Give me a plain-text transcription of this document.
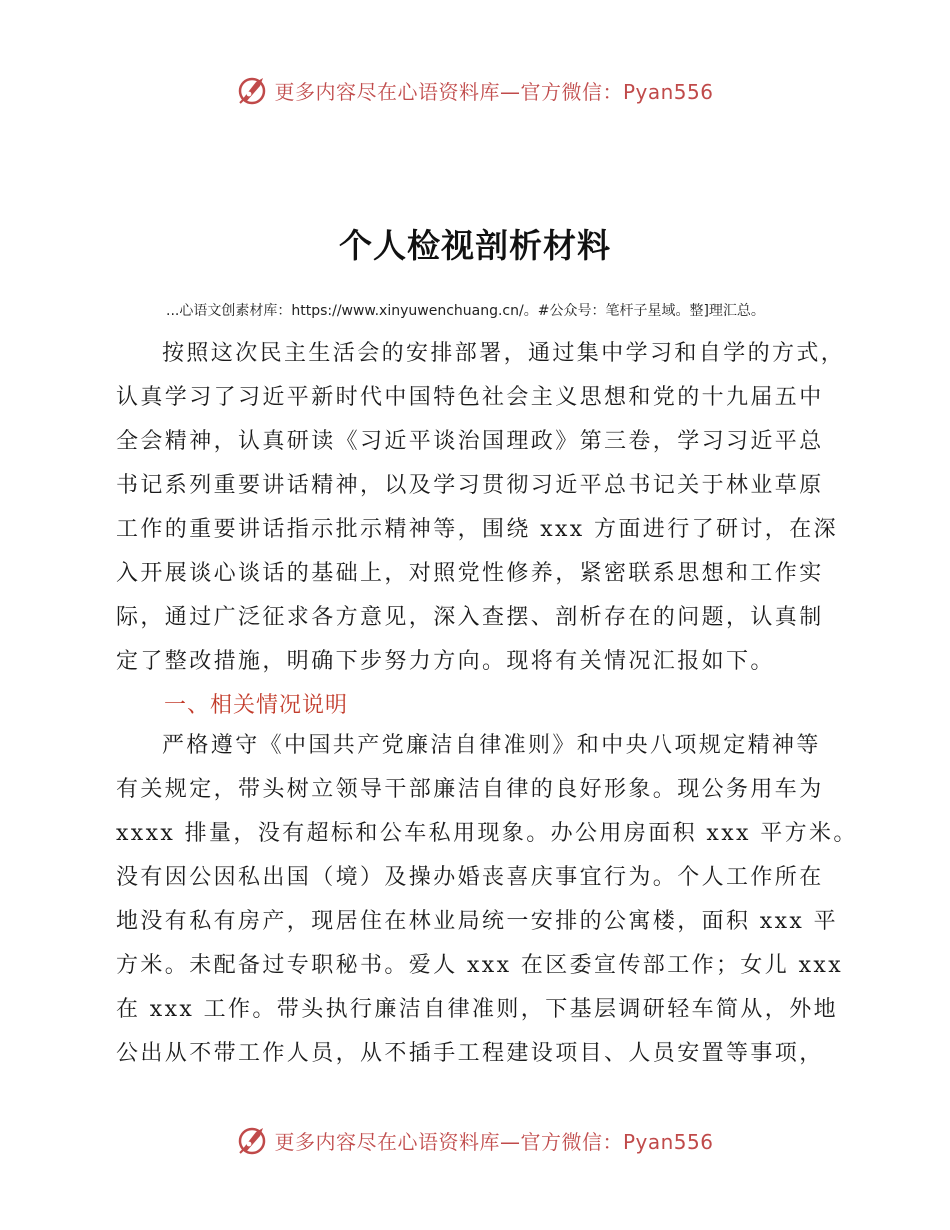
更多内容尽在心语资料库—官方微信：Pyan556
个人检视剖析材料
...心语文创素材库：https://www.xinyuwenchuang.cn/。#公众号：笔杆子星域。整]理汇总。
按照这次民主生活会的安排部署，通过集中学习和自学的方式，
认真学习了习近平新时代中国特色社会主义思想和党的十九届五中
全会精神，认真研读《习近平谈治国理政》第三卷，学习习近平总
书记系列重要讲话精神，以及学习贯彻习近平总书记关于林业草原
工作的重要讲话指示批示精神等，围绕 xxx 方面进行了研讨，在深
入开展谈心谈话的基础上，对照党性修养，紧密联系思想和工作实
际，通过广泛征求各方意见，深入查摆、剖析存在的问题，认真制
定了整改措施，明确下步努力方向。现将有关情况汇报如下。
一、相关情况说明
严格遵守《中国共产党廉洁自律准则》和中央八项规定精神等
有关规定，带头树立领导干部廉洁自律的良好形象。现公务用车为
xxxx 排量，没有超标和公车私用现象。办公用房面积 xxx 平方米。
没有因公因私出国（境）及操办婚丧喜庆事宜行为。个人工作所在
地没有私有房产，现居住在林业局统一安排的公寓楼，面积 xxx 平
方米。未配备过专职秘书。爱人 xxx 在区委宣传部工作；女儿 xxx
在 xxx 工作。带头执行廉洁自律准则，下基层调研轻车简从，外地
公出从不带工作人员，从不插手工程建设项目、人员安置等事项，
更多内容尽在心语资料库—官方微信：Pyan556
